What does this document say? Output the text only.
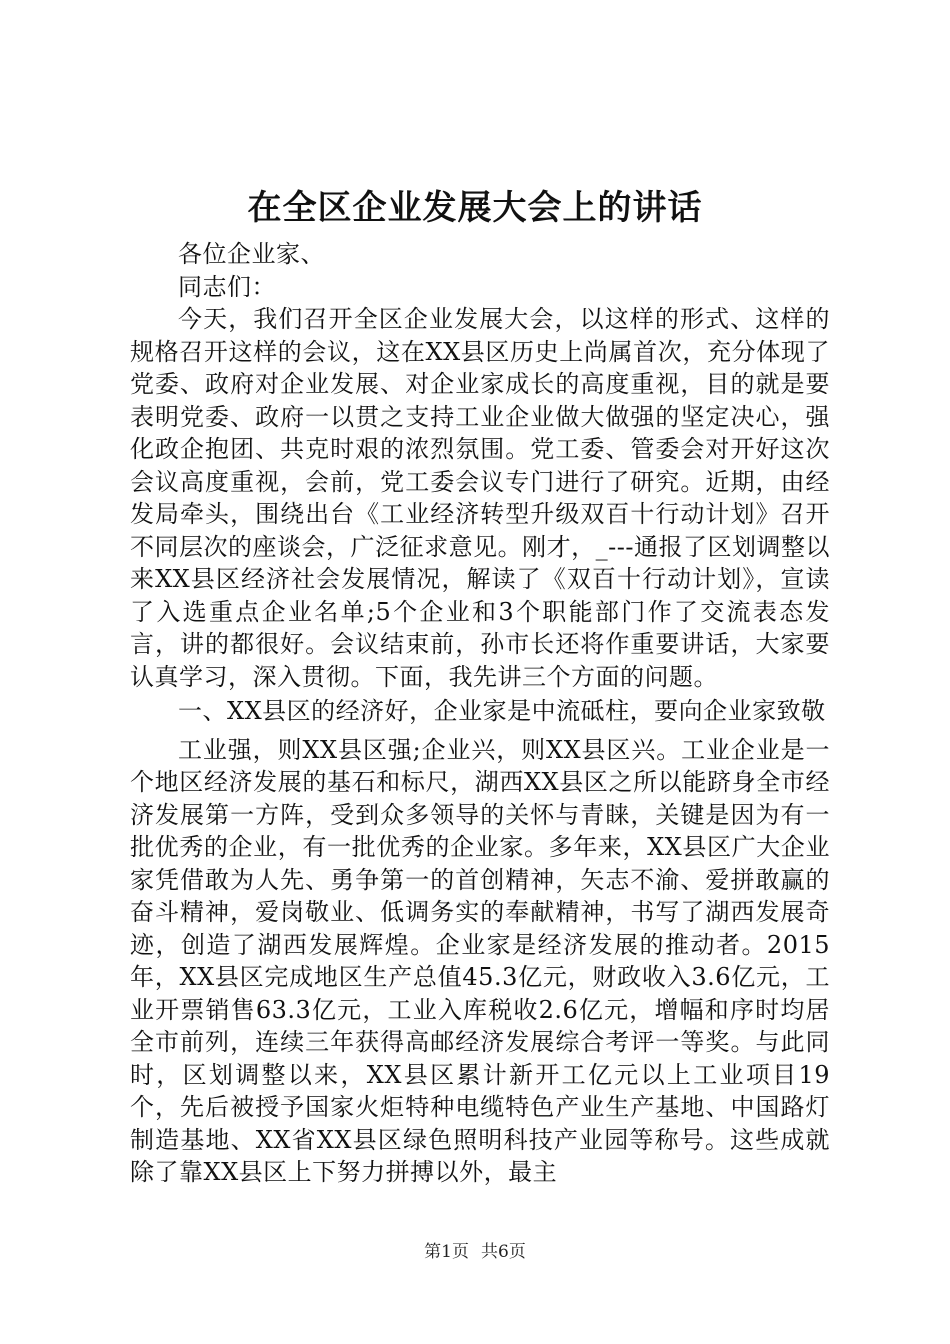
在全区企业发展大会上的讲话

各位企业家、

同志们：

今天，我们召开全区企业发展大会，以这样的形式、这样的规格召开这样的会议，这在XX县区历史上尚属首次，充分体现了党委、政府对企业发展、对企业家成长的高度重视，目的就是要表明党委、政府一以贯之支持工业企业做大做强的坚定决心，强化政企抱团、共克时艰的浓烈氛围。党工委、管委会对开好这次会议高度重视，会前，党工委会议专门进行了研究。近期，由经发局牵头，围绕出台《工业经济转型升级双百十行动计划》召开不同层次的座谈会，广泛征求意见。刚才，_---通报了区划调整以来XX县区经济社会发展情况，解读了《双百十行动计划》，宣读了入选重点企业名单;5个企业和3个职能部门作了交流表态发言，讲的都很好。会议结束前，孙市长还将作重要讲话，大家要认真学习，深入贯彻。下面，我先讲三个方面的问题。

一、XX县区的经济好，企业家是中流砥柱，要向企业家致敬

工业强，则XX县区强;企业兴，则XX县区兴。工业企业是一个地区经济发展的基石和标尺，湖西XX县区之所以能跻身全市经济发展第一方阵，受到众多领导的关怀与青睐，关键是因为有一批优秀的企业，有一批优秀的企业家。多年来，XX县区广大企业家凭借敢为人先、勇争第一的首创精神，矢志不渝、爱拼敢赢的奋斗精神，爱岗敬业、低调务实的奉献精神，书写了湖西发展奇迹，创造了湖西发展辉煌。企业家是经济发展的推动者。2015年，XX县区完成地区生产总值45.3亿元，财政收入3.6亿元，工业开票销售63.3亿元，工业入库税收2.6亿元，增幅和序时均居全市前列，连续三年获得高邮经济发展综合考评一等奖。与此同时，区划调整以来，XX县区累计新开工亿元以上工业项目19个，先后被授予国家火炬特种电缆特色产业生产基地、中国路灯制造基地、XX省XX县区绿色照明科技产业园等称号。这些成就除了靠XX县区上下努力拼搏以外，最主

第1页 共6页
